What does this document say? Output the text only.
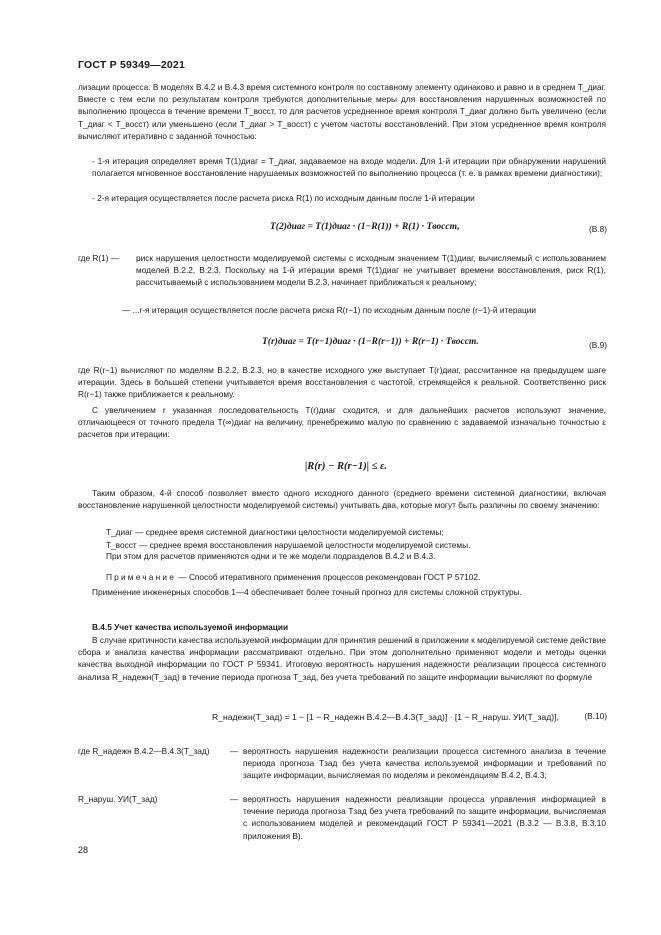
ГОСТ Р 59349—2021
лизации процесса. В моделях В.4.2 и В.4.3 время системного контроля по составному элементу одинаково и равно и в среднем T_диаг. Вместе с тем если по результатам контроля требуются дополнительные меры для восстановления нарушенных возможностей по выполнению процесса в течение времени T_восст, то для расчетов усредненное время контроля T_диаг должно быть увеличено (если T_диаг < T_восст) или уменьшено (если T_диаг > T_восст) с учетом частоты восстановлений. При этом усредненное время контроля вычисляют итеративно с заданной точностью:
- 1-я итерация определяет время T(1)диаг = T_диаг, задаваемое на входе модели. Для 1-й итерации при обнаружении нарушений полагается мгновенное восстановление нарушаемых возможностей по выполнению процесса (т. е. в рамках времени диагностики);
- 2-я итерация осуществляется после расчета риска R(1) по исходным данным после 1-й итерации
T(2)диаг = T(1)диаг · (1−R(1)) + R(1) · Tвосст,	(В.8)
где R(1) — риск нарушения целостности моделируемой системы с исходным значением T(1)диаг, вычисляемый с использованием моделей В.2.2, В.2.3. Поскольку на 1-й итерации время T(1)диаг не учитывает времени восстановления, риск R(1), рассчитываемый с использованием модели В.2.3, начинает приближаться к реальному;
— ...r-я итерация осуществляется после расчета риска R(r−1) по исходным данным после (r−1)-й итерации
T(r)диаг = T(r−1)диаг · (1−R(r−1)) + R(r−1) · Tвосст.	(В.9)
где R(r−1) вычисляют по моделям В.2.2, В.2.3, но в качестве исходного уже выступает T(r)диаг, рассчитанное на предыдущем шаге итерации. Здесь в большей степени учитывается время восстановления с частотой, стремящейся к реальной. Соответственно риск R(r−1) также приближается к реальному.
С увеличением r указанная последовательность T(r)диаг сходится, и для дальнейших расчетов используют значение, отличающееся от точного предела T(∞)диаг на величину, пренебрежимо малую по сравнению с задаваемой изначально точностью ε расчетов при итерации:
|R(r) − R(r−1)| ≤ ε.
Таким образом, 4-й способ позволяет вместо одного исходного данного (среднего времени системной диагностики, включая восстановление нарушенной целостности моделируемой системы) учитывать два, которые могут быть различны по своему значению:
T_диаг — среднее время системной диагностики целостности моделируемой системы;
T_восст — среднее время восстановления нарушаемой целостности моделируемой системы.
При этом для расчетов применяются одни и те же модели подразделов В.4.2 и В.4.3.
Примечание — Способ итеративного применения процессов рекомендован ГОСТ Р 57102.
Применение инженерных способов 1—4 обеспечивает более точный прогноз для системы сложной структуры.
В.4.5 Учет качества используемой информации
В случае критичности качества используемой информации для принятия решений в приложении к моделируемой системе действие сбора и анализа качества информации рассматривают отдельно. При этом дополнительно применяют модели и методы оценки качества выходной информации по ГОСТ Р 59341. Итоговую вероятность нарушения надежности реализации процесса системного анализа R_надежн(T_зад) в течение периода прогноза T_зад, без учета требований по защите информации вычисляют по формуле
R_надежн(T_зад) = 1 − [1 − R_надежн В.4.2—В.4.3(T_зад)] · [1 − R_наруш. УИ(T_зад)],	(В.10)
где R_надежн В.4.2—В.4.3(T_зад) — вероятность нарушения надежности реализации процесса системного анализа в течение периода прогноза Тзад без учета качества используемой информации и требований по защите информации, вычисляемая по моделям и рекомендациям В.4.2, В.4.3;
R_наруш. УИ(T_зад)	— вероятность нарушения надежности реализации процесса управления информацией в течение периода прогноза Тзад без учета требований по защите информации, вычисляемая с использованием моделей и рекомендаций ГОСТ Р 59341—2021 (В.3.2 — В.3.8, В.3.10 приложения В).
28
